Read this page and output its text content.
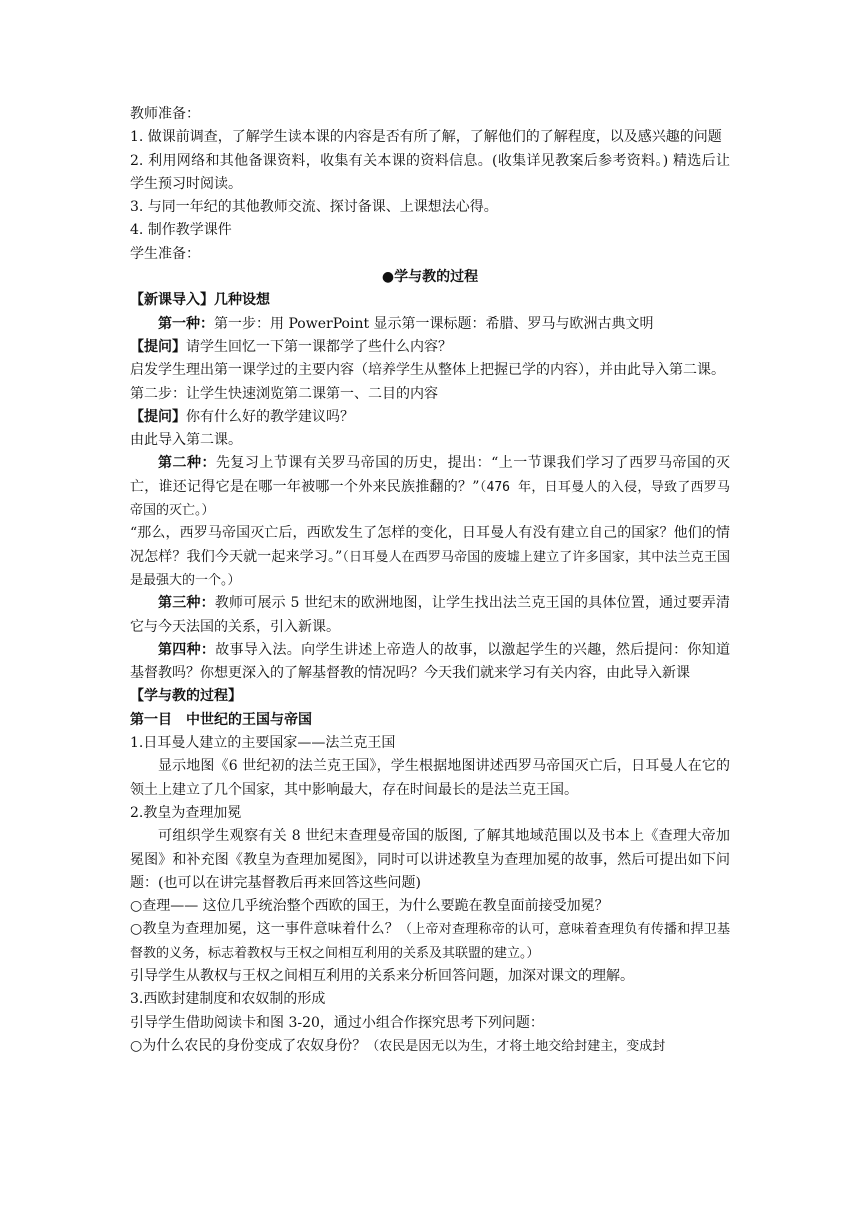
教师准备：

1. 做课前调查，了解学生读本课的内容是否有所了解，了解他们的了解程度，以及感兴趣的问题

2. 利用网络和其他备课资料，收集有关本课的资料信息。(收集详见教案后参考资料。) 精选后让学生预习时阅读。

3. 与同一年纪的其他教师交流、探讨备课、上课想法心得。

4. 制作教学课件

学生准备：

●学与教的过程

【新课导入】几种设想

第一种：第一步：用 PowerPoint 显示第一课标题：希腊、罗马与欧洲古典文明

【提问】请学生回忆一下第一课都学了些什么内容？

启发学生理出第一课学过的主要内容（培养学生从整体上把握已学的内容），并由此导入第二课。

第二步：让学生快速浏览第二课第一、二目的内容

【提问】你有什么好的教学建议吗？

由此导入第二课。

第二种：先复习上节课有关罗马帝国的历史，提出：“上一节课我们学习了西罗马帝国的灭亡，谁还记得它是在哪一年被哪一个外来民族推翻的？”（476 年，日耳曼人的入侵，导致了西罗马帝国的灭亡。）

“那么，西罗马帝国灭亡后，西欧发生了怎样的变化，日耳曼人有没有建立自己的国家？他们的情况怎样？我们今天就一起来学习。”（日耳曼人在西罗马帝国的废墟上建立了许多国家，其中法兰克王国是最强大的一个。）

第三种：教师可展示 5 世纪末的欧洲地图，让学生找出法兰克王国的具体位置，通过要弄清它与今天法国的关系，引入新课。

第四种：故事导入法。向学生讲述上帝造人的故事，以激起学生的兴趣，然后提问：你知道基督教吗？你想更深入的了解基督教的情况吗？今天我们就来学习有关内容，由此导入新课

【学与教的过程】

第一目　中世纪的王国与帝国

1.日耳曼人建立的主要国家——法兰克王国

显示地图《6 世纪初的法兰克王国》，学生根据地图讲述西罗马帝国灭亡后，日耳曼人在它的领土上建立了几个国家，其中影响最大，存在时间最长的是法兰克王国。

2.教皇为查理加冕

可组织学生观察有关 8 世纪末查理曼帝国的版图, 了解其地域范围以及书本上《查理大帝加冕图》和补充图《教皇为查理加冕图》，同时可以讲述教皇为查理加冕的故事，然后可提出如下问题：(也可以在讲完基督教后再来回答这些问题)

○查理—— 这位几乎统治整个西欧的国王，为什么要跪在教皇面前接受加冕？

○教皇为查理加冕，这一事件意味着什么？（上帝对查理称帝的认可，意味着查理负有传播和捍卫基督教的义务，标志着教权与王权之间相互利用的关系及其联盟的建立。）

引导学生从教权与王权之间相互利用的关系来分析回答问题，加深对课文的理解。

3.西欧封建制度和农奴制的形成

引导学生借助阅读卡和图 3-20，通过小组合作探究思考下列问题：

○为什么农民的身份变成了农奴身份？（农民是因无以为生，才将土地交给封建主，变成封
